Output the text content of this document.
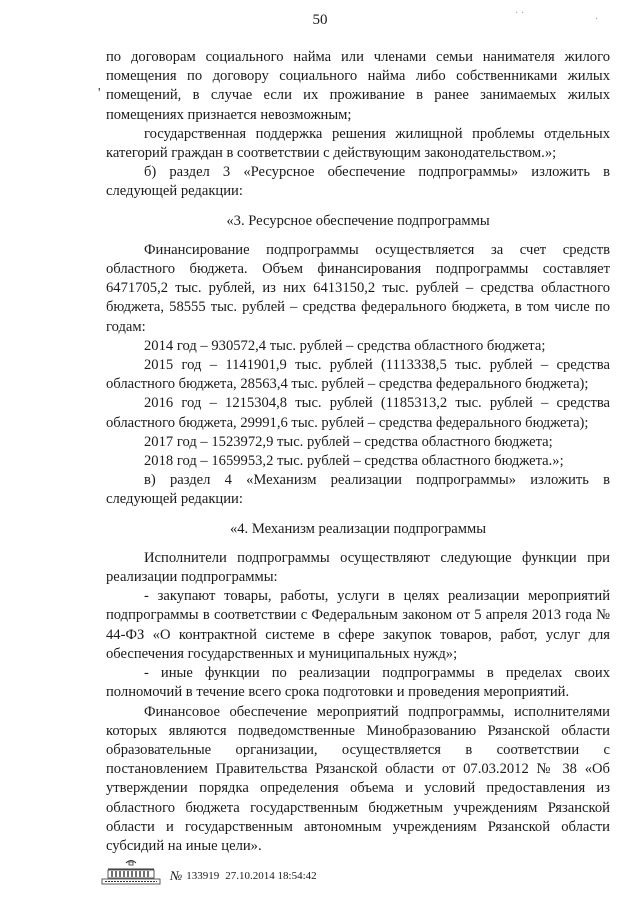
50	· ·
·
'

по договорам социального найма или членами семьи нанимателя жилого помещения по договору социального найма либо собственниками жилых помещений, в случае если их проживание в ранее занимаемых жилых помещениях признается невозможным;

государственная поддержка решения жилищной проблемы отдельных категорий граждан в соответствии с действующим законодательством.»;

б) раздел 3 «Ресурсное обеспечение подпрограммы» изложить в следующей редакции:

«3. Ресурсное обеспечение подпрограммы

Финансирование подпрограммы осуществляется за счет средств областного бюджета. Объем финансирования подпрограммы составляет 6471705,2 тыс. рублей, из них 6413150,2 тыс. рублей – средства областного бюджета, 58555 тыс. рублей – средства федерального бюджета, в том числе по годам:

2014 год – 930572,4 тыс. рублей – средства областного бюджета;

2015 год – 1141901,9 тыс. рублей (1113338,5 тыс. рублей – средства областного бюджета, 28563,4 тыс. рублей – средства федерального бюджета);

2016 год – 1215304,8 тыс. рублей (1185313,2 тыс. рублей – средства областного бюджета, 29991,6 тыс. рублей – средства федерального бюджета);

2017 год – 1523972,9 тыс. рублей – средства областного бюджета;

2018 год – 1659953,2 тыс. рублей – средства областного бюджета.»;

в) раздел 4 «Механизм реализации подпрограммы» изложить в следующей редакции:

«4. Механизм реализации подпрограммы

Исполнители подпрограммы осуществляют следующие функции при реализации подпрограммы:

- закупают товары, работы, услуги в целях реализации мероприятий подпрограммы в соответствии с Федеральным законом от 5 апреля 2013 года № 44-ФЗ «О контрактной системе в сфере закупок товаров, работ, услуг для обеспечения государственных и муниципальных нужд»;

- иные функции по реализации подпрограммы в пределах своих полномочий в течение всего срока подготовки и проведения мероприятий.

Финансовое обеспечение мероприятий подпрограммы, исполнителями которых являются подведомственные Минобразованию Рязанской области образовательные организации, осуществляется в соответствии с постановлением Правительства Рязанской области от 07.03.2012 № 38 «Об утверждении порядка определения объема и условий предоставления из областного бюджета государственным бюджетным учреждениям Рязанской области и государственным автономным учреждениям Рязанской области субсидий на иные цели».

№ 133919 27.10.2014 18:54:42
